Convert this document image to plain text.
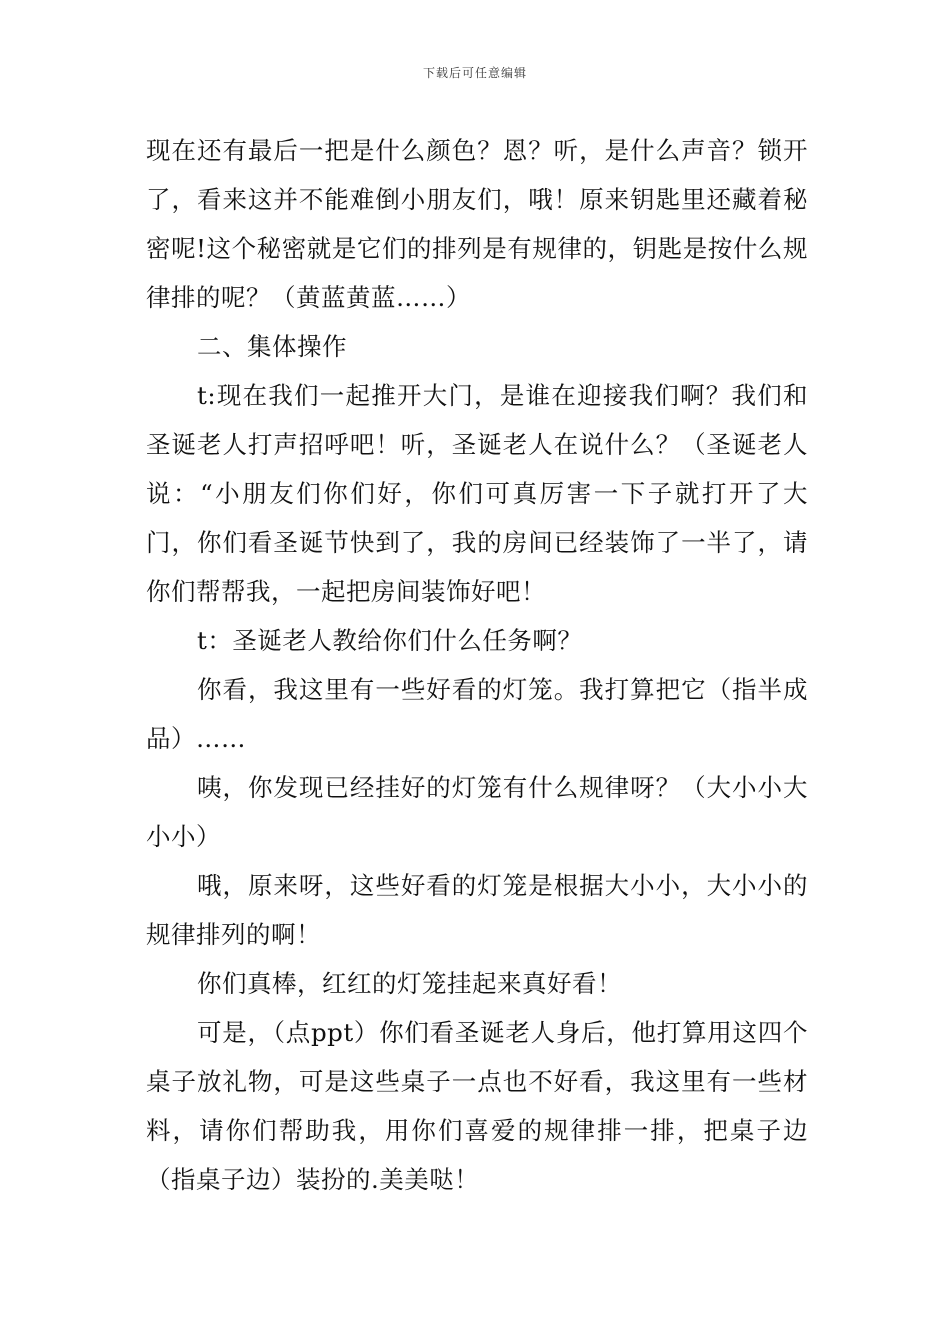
下载后可任意编辑

现在还有最后一把是什么颜色？恩？听，是什么声音？锁开了，看来这并不能难倒小朋友们，哦！原来钥匙里还藏着秘密呢!这个秘密就是它们的排列是有规律的，钥匙是按什么规律排的呢？（黄蓝黄蓝……）

二、集体操作

t:现在我们一起推开大门，是谁在迎接我们啊？我们和圣诞老人打声招呼吧！听，圣诞老人在说什么？（圣诞老人说：“小朋友们你们好，你们可真厉害一下子就打开了大门，你们看圣诞节快到了，我的房间已经装饰了一半了，请你们帮帮我，一起把房间装饰好吧！

t：圣诞老人教给你们什么任务啊？

你看，我这里有一些好看的灯笼。我打算把它（指半成品）……

咦，你发现已经挂好的灯笼有什么规律呀？（大小小大小小）

哦，原来呀，这些好看的灯笼是根据大小小，大小小的规律排列的啊！

你们真棒，红红的灯笼挂起来真好看！

可是，（点ppt）你们看圣诞老人身后，他打算用这四个桌子放礼物，可是这些桌子一点也不好看，我这里有一些材料，请你们帮助我，用你们喜爱的规律排一排，把桌子边（指桌子边）装扮的.美美哒！
